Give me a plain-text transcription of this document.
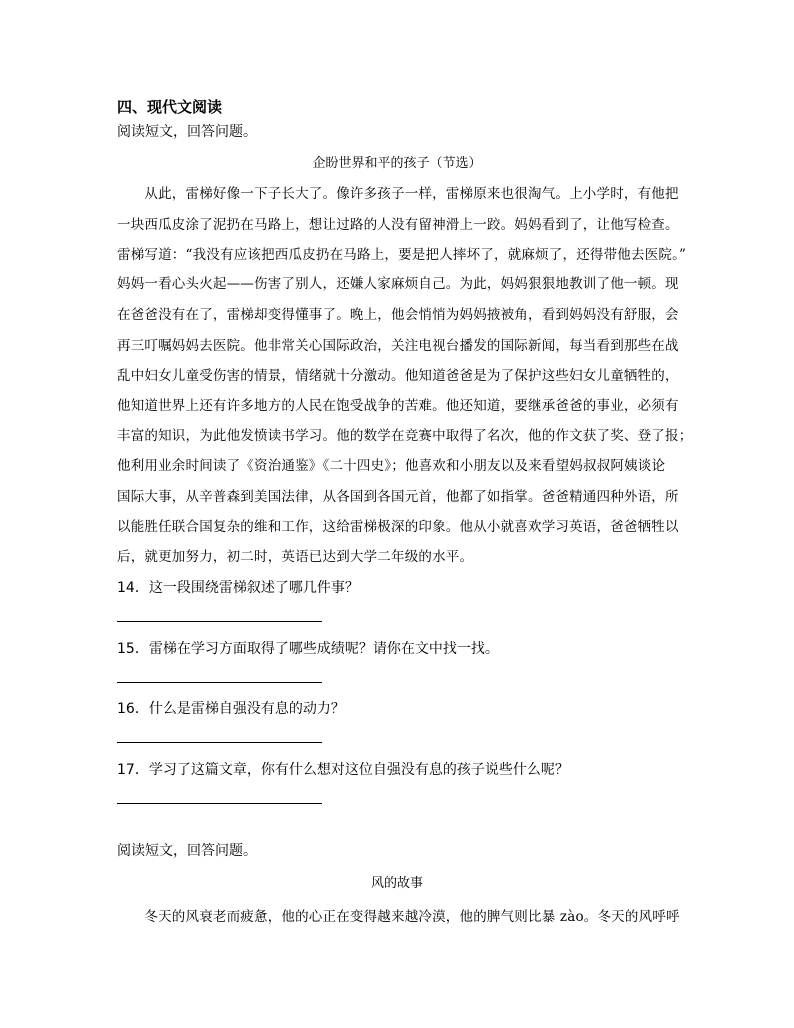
四、现代文阅读
阅读短文，回答问题。
企盼世界和平的孩子（节选）
　　从此，雷梯好像一下子长大了。像许多孩子一样，雷梯原来也很淘气。上小学时，有他把
一块西瓜皮涂了泥扔在马路上，想让过路的人没有留神滑上一跤。妈妈看到了，让他写检查。
雷梯写道：“我没有应该把西瓜皮扔在马路上，要是把人摔坏了，就麻烦了，还得带他去医院。”
妈妈一看心头火起——伤害了别人，还嫌人家麻烦自己。为此，妈妈狠狠地教训了他一顿。现
在爸爸没有在了，雷梯却变得懂事了。晚上，他会悄悄为妈妈掖被角，看到妈妈没有舒服，会
再三叮嘱妈妈去医院。他非常关心国际政治，关注电视台播发的国际新闻，每当看到那些在战
乱中妇女儿童受伤害的情景，情绪就十分激动。他知道爸爸是为了保护这些妇女儿童牺牲的，
他知道世界上还有许多地方的人民在饱受战争的苦难。他还知道，要继承爸爸的事业，必须有
丰富的知识，为此他发愤读书学习。他的数学在竞赛中取得了名次，他的作文获了奖、登了报；
他利用业余时间读了《资治通鉴》《二十四史》；他喜欢和小朋友以及来看望妈叔叔阿姨谈论
国际大事，从辛普森到美国法律，从各国到各国元首，他都了如指掌。爸爸精通四种外语，所
以能胜任联合国复杂的维和工作，这给雷梯极深的印象。他从小就喜欢学习英语，爸爸牺牲以
后，就更加努力，初二时，英语已达到大学二年级的水平。
14．这一段围绕雷梯叙述了哪几件事？
15．雷梯在学习方面取得了哪些成绩呢？请你在文中找一找。
16．什么是雷梯自强没有息的动力？
17．学习了这篇文章，你有什么想对这位自强没有息的孩子说些什么呢？
阅读短文，回答问题。
风的故事
　　冬天的风衰老而疲惫，他的心正在变得越来越冷漠，他的脾气则比暴 zào。冬天的风呼呼
